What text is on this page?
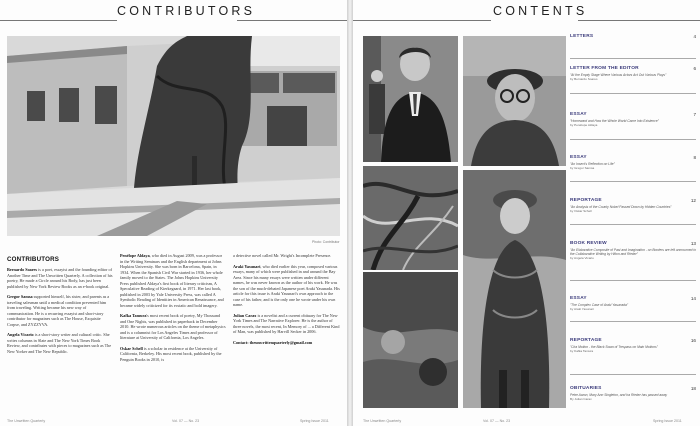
CONTRIBUTORS
Photo: Contributor
CONTRIBUTORS

Bernardo Soares is a poet, essayist and the founding editor of Another Time and The Unwritten Quarterly. A collection of his poetry, He made a Circle around his Body, has just been published by New York Review Books as an e-book original.

Gregor Samsa supported himself, his sister, and parents as a traveling salesman until a medical condition prevented him from traveling. Writing became his new way of communication. He is a recurring essayist and short-story contributor for magazines such as The House, Exquisite Corpse, and ZYZZYVA.

Angela Vicario is a short-story writer and cultural critic. She writes columns in Slate and The New York Times Book Review, and contributes with pieces to magazines such as The New Yorker and The New Republic.

Penélope Aldaya, who died in August 2009, was a professor in the Writing Seminars and the English department at Johns Hopkins University. She was born in Barcelona, Spain, in 1934. When the Spanish Civil War started in 1936, her whole family moved to the States. The Johns Hopkins University Press published Aldaya's first book of literary criticism, A Speculative Reading of Kierkegaard, in 1971. Her last book, published in 2003 by Yale University Press, was called A Symbolic Reading of Identities in American Renaissance, and became widely criticized for its ecstatic and bold imagery.

Kafka Tamura's most recent book of poetry, My Thousand and One Nights, was published in paperback in December 2010. He wrote numerous articles on the theme of metaphysics and is a columnist for Los Angeles Times and professor of literature at University of California, Los Angeles.

Oskar Schell is a scholar in residence at the University of California, Berkeley. His most recent book, published by the Penguin Books in 2010, is

a detective novel called Mr. Wright's Incomplete Presence.

Araki Yasunari, who died earlier this year, composed various essays, many of which were published in and around the Bay Area. Since his many essays were written under different names, he was never known as the author of his work. He was the son of the much-debated Japanese poet Araki Yasunada. His article for this issue is Araki Yasunari's own approach to the case of his father, and is the only one he wrote under his own name.

Julian Carax is a novelist and a current obituary for The New York Times and The Narrative Explorer. He is the author of three novels, the most recent, In Memory of ... a Different Kind of Man, was published by Harvill Secker in 2006.

Contact: theunwrittenquarterly@gmail.com

The Unwritten Quarterly	Vol. 07 — No. 23	Spring Issue 2011
CONTENTS
LETTERS	4
LETTER FROM THE EDITOR	6
"At the Empty Stage Where Various Actors Act Out Various Plays"
by Bernardo Soares
ESSAY	7
"Homeward and How the Whole World Came Into Existence"
by Penélope Aldaya
ESSAY	8
"An Insect's Reflection on Life"
by Gregor Samsa
REPORTAGE	12
"An Analysis of the County Nobel Passed Down by Hidden Countries"
by Oskar Schell
BOOK REVIEW	13
"An Elaborative Composite of Past and Imagination - on Borders are left unmourned in the Collaborative Writing by Hilton and Rieder"
by Angela Vicario
ESSAY	14
"The Complex Case of Araki Yasunada"
by Araki Yasunari
REPORTAGE	16
"Cira Motion - the Black Swan of Trespass on Main Motions"
by Kafka Tamura
OBITUARIES	18
Peter Aaron, Mary Ann Singleton, and Ira Rieder has passed away
By Julian Carax
The Unwritten Quarterly	Vol. 07 — No. 23	Spring Issue 2011
